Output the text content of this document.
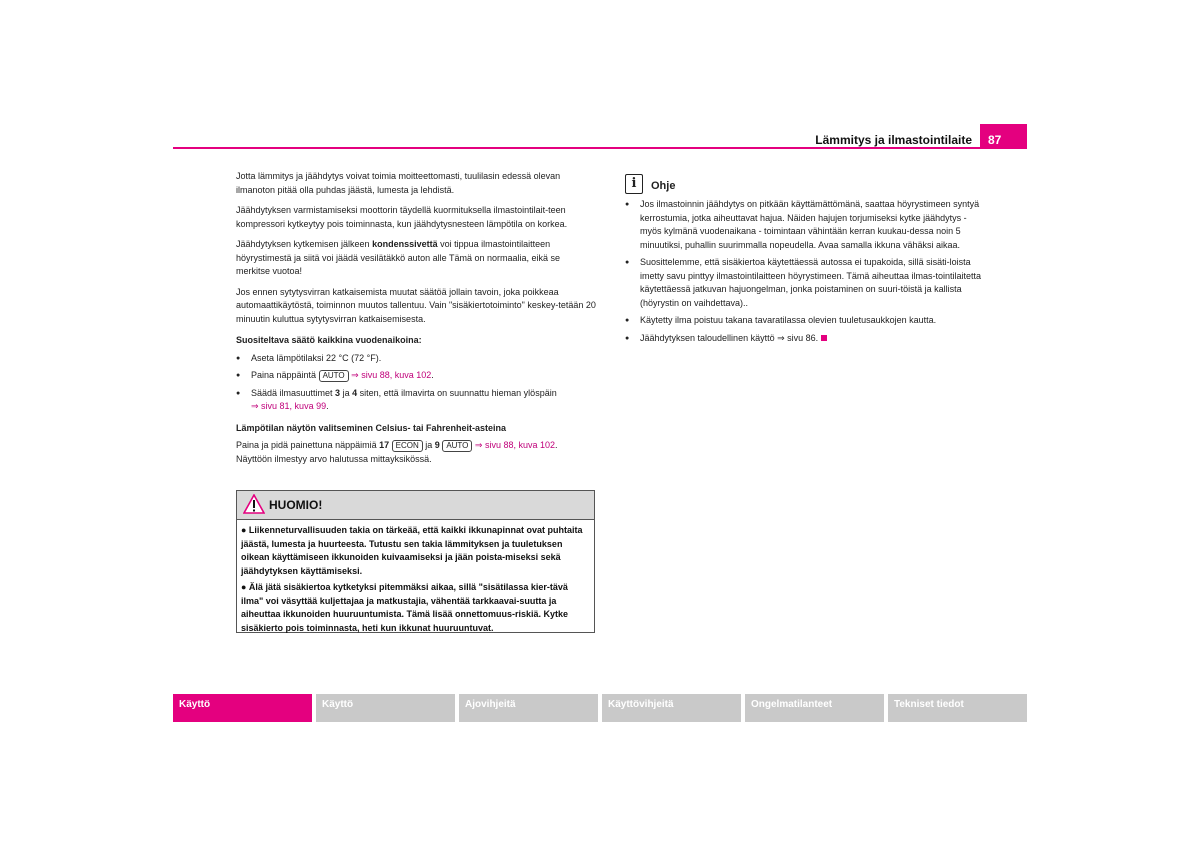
Lämmitys ja ilmastointilaite	87

Jotta lämmitys ja jäähdytys voivat toimia moitteettomasti, tuulilasin edessä olevan ilmanoton pitää olla puhdas jäästä, lumesta ja lehdistä.

Jäähdytyksen varmistamiseksi moottorin täydellä kuormituksella ilmastointilait-teen kompressori kytkeytyy pois toiminnasta, kun jäähdytysnesteen lämpötila on korkea.

Jäähdytyksen kytkemisen jälkeen kondenssivettä voi tippua ilmastointilaitteen höyrystimestä ja siitä voi jäädä vesilätäkkö auton alle Tämä on normaalia, eikä se merkitse vuotoa!

Jos ennen sytytysvirran katkaisemista muutat säätöä jollain tavoin, joka poikkeaa automaattikäytöstä, toiminnon muutos tallentuu. Vain "sisäkiertotoiminto" keskey-tetään 20 minuutin kuluttua sytytysvirran katkaisemisesta.

Suositeltava säätö kaikkina vuodenaikoina:
● Aseta lämpötilaksi 22 °C (72 °F).
● Paina näppäintä AUTO ⇒ sivu 88, kuva 102.
● Säädä ilmasuuttimet 3 ja 4 siten, että ilmavirta on suunnattu hieman ylöspäin
⇒ sivu 81, kuva 99.
Lämpötilan näytön valitseminen Celsius- tai Fahrenheit-asteina

Paina ja pidä painettuna näppäimiä 17 ECON ja 9 AUTO ⇒ sivu 88, kuva 102.
Näyttöön ilmestyy arvo halutussa mittayksikössä.

HUOMIO!
● Liikenneturvallisuuden takia on tärkeää, että kaikki ikkunapinnat ovat puhtaita jäästä, lumesta ja huurteesta. Tutustu sen takia lämmityksen ja tuuletuksen oikean käyttämiseen ikkunoiden kuivaamiseksi ja jään poista-miseksi sekä jäähdytyksen käyttämiseksi.
● Älä jätä sisäkiertoa kytketyksi pitemmäksi aikaa, sillä "sisätilassa kier-tävä ilma" voi väsyttää kuljettajaa ja matkustajia, vähentää tarkkaavai-suutta ja aiheuttaa ikkunoiden huuruuntumista. Tämä lisää onnettomuus-riskiä. Kytke sisäkierto pois toiminnasta, heti kun ikkunat huuruuntuvat.
i	Ohje
● Jos ilmastoinnin jäähdytys on pitkään käyttämättömänä, saattaa höyrystimeen syntyä kerrostumia, jotka aiheuttavat hajua. Näiden hajujen torjumiseksi kytke jäähdytys - myös kylmänä vuodenaikana - toimintaan vähintään kerran kuukau-dessa noin 5 minuutiksi, puhallin suurimmalla nopeudella. Avaa samalla ikkuna vähäksi aikaa.
● Suosittelemme, että sisäkiertoa käytettäessä autossa ei tupakoida, sillä sisäti-loista imetty savu pinttyy ilmastointilaitteen höyrystimeen. Tämä aiheuttaa ilmas-tointilaitetta käytettäessä jatkuvan hajuongelman, jonka poistaminen on suuri-töistä ja kallista (höyrystin on vaihdettava)..
● Käytetty ilma poistuu takana tavaratilassa olevien tuuletusaukkojen kautta.
● Jäähdytyksen taloudellinen käyttö ⇒ sivu 86.
Käyttö	Käyttö	Ajovihjeitä	Käyttövihjeitä	Ongelmatilanteet	Tekniset tiedot
